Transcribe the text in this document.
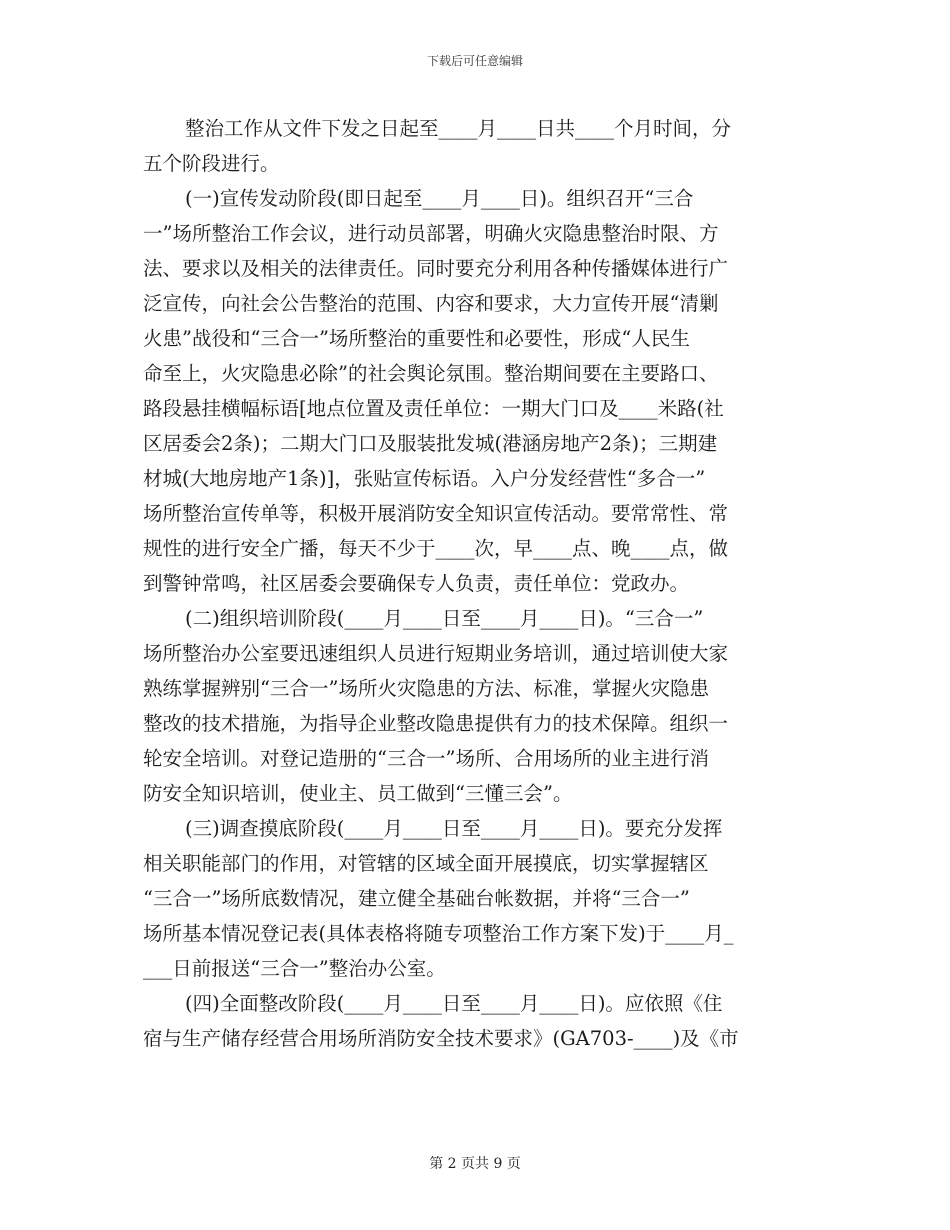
下载后可任意编辑
整治工作从文件下发之日起至____月____日共____个月时间，分
五个阶段进行。
(一)宣传发动阶段(即日起至____月____日)。组织召开“三合
一”场所整治工作会议，进行动员部署，明确火灾隐患整治时限、方
法、要求以及相关的法律责任。同时要充分利用各种传播媒体进行广
泛宣传，向社会公告整治的范围、内容和要求，大力宣传开展“清剿
火患”战役和“三合一”场所整治的重要性和必要性，形成“人民生
命至上，火灾隐患必除”的社会舆论氛围。整治期间要在主要路口、
路段悬挂横幅标语[地点位置及责任单位：一期大门口及____米路(社
区居委会2条)；二期大门口及服装批发城(港涵房地产2条)；三期建
材城(大地房地产1条)]，张贴宣传标语。入户分发经营性“多合一”
场所整治宣传单等，积极开展消防安全知识宣传活动。要常常性、常
规性的进行安全广播，每天不少于____次，早____点、晚____点，做
到警钟常鸣，社区居委会要确保专人负责，责任单位：党政办。
(二)组织培训阶段(____月____日至____月____日)。“三合一”
场所整治办公室要迅速组织人员进行短期业务培训，通过培训使大家
熟练掌握辨别“三合一”场所火灾隐患的方法、标准，掌握火灾隐患
整改的技术措施，为指导企业整改隐患提供有力的技术保障。组织一
轮安全培训。对登记造册的“三合一”场所、合用场所的业主进行消
防安全知识培训，使业主、员工做到“三懂三会”。
(三)调查摸底阶段(____月____日至____月____日)。要充分发挥
相关职能部门的作用，对管辖的区域全面开展摸底，切实掌握辖区
“三合一”场所底数情况，建立健全基础台帐数据，并将“三合一”
场所基本情况登记表(具体表格将随专项整治工作方案下发)于____月_
___日前报送“三合一”整治办公室。
(四)全面整改阶段(____月____日至____月____日)。应依照《住
宿与生产储存经营合用场所消防安全技术要求》(GA703-____)及《市
第 2 页共 9 页
